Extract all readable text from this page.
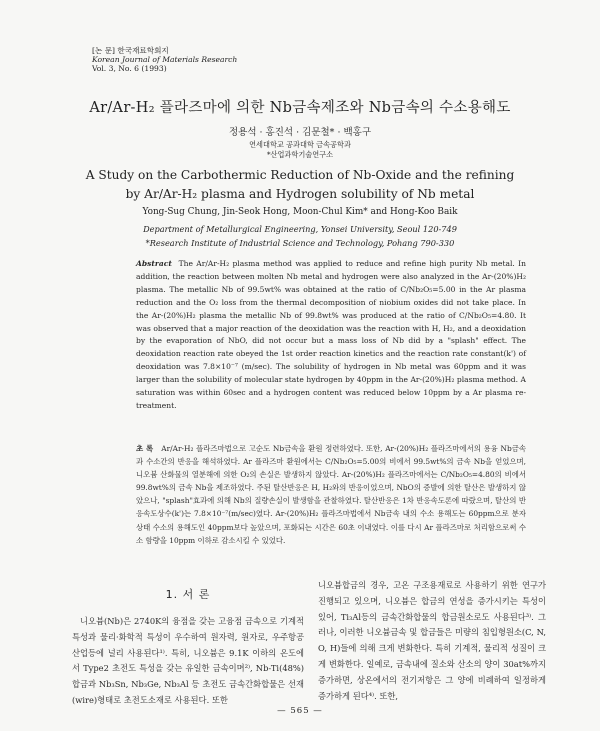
[논 문] 한국재료학회지
Korean Journal of Materials Research
Vol. 3, No. 6 (1993)
Ar/Ar-H₂ 플라즈마에 의한 Nb금속제조와 Nb금속의 수소용해도
정용석 · 홍진석 · 김문철* · 백홍구
연세대학교 공과대학 금속공학과
*산업과학기술연구소
A Study on the Carbothermic Reduction of Nb-Oxide and the refining
by Ar/Ar-H₂ plasma and Hydrogen solubility of Nb metal
Yong-Sug Chung, Jin-Seok Hong, Moon-Chul Kim* and Hong-Koo Baik
Department of Metallurgical Engineering, Yonsei University, Seoul 120-749
*Research Institute of Industrial Science and Technology, Pohang 790-330
Abstract The Ar/Ar-H₂ plasma method was applied to reduce and refine high purity Nb metal. In addition, the reaction between molten Nb metal and hydrogen were also analyzed in the Ar-(20%)H₂ plasma. The metallic Nb of 99.5wt% was obtained at the ratio of C/Nb₂O₅=5.00 in the Ar plasma reduction and the O₂ loss from the thermal decomposition of niobium oxides did not take place. In the Ar-(20%)H₂ plasma the metallic Nb of 99.8wt% was produced at the ratio of C/Nb₂O₅=4.80. It was observed that a major reaction of the deoxidation was the reaction with H, H₂, and a deoxidation by the evaporation of NbO, did not occur but a mass loss of Nb did by a "splash" effect. The deoxidation reaction rate obeyed the 1st order reaction kinetics and the reaction rate constant(k') of deoxidation was 7.8×10⁻⁷ (m/sec). The solubility of hydrogen in Nb metal was 60ppm and it was larger than the solubility of molecular state hydrogen by 40ppm in the Ar-(20%)H₂ plasma method. A saturation was within 60sec and a hydrogen content was reduced below 10ppm by a Ar plasma re-treatment.
초 록 Ar/Ar-H₂ 플라즈마법으로 고순도 Nb금속을 환원 정련하였다. 또한, Ar-(20%)H₂ 플라즈마에서의 용융 Nb금속과 수소간의 반응을 해석하였다. Ar 플라즈마 환원에서는 C/Nb₂O₅=5.00의 비에서 99.5wt%의 금속 Nb을 얻었으며, 니오븀 산화물의 열분해에 의한 O₂의 손실은 발생하지 않았다. Ar-(20%)H₂ 플라즈마에서는 C/Nb₂O₅=4.80의 비에서 99.8wt%의 금속 Nb을 제조하였다. 주된 탈산반응은 H, H₂와의 반응이었으며, NbO의 증발에 의한 탈산은 발생하지 않았으나, "splash"효과에 의해 Nb의 질량손실이 발생함을 관찰하였다. 탈산반응은 1차 반응속도론에 따랐으며, 탈산의 반응속도상수(k')는 7.8×10⁻⁷(m/sec)였다. Ar-(20%)H₂ 플라즈마법에서 Nb금속 내의 수소 용해도는 60ppm으로 분자상태 수소의 용해도인 40ppm보다 높았으며, 포화되는 시간은 60초 이내였다. 이를 다시 Ar 플라즈마로 처리함으로써 수소 함량을 10ppm 이하로 감소시킬 수 있었다.
1. 서 론
니오븀(Nb)은 2740K의 융점을 갖는 고융점 금속으로 기계적 특성과 물리·화학적 특성이 우수하여 원자력, 원자로, 우주항공산업등에 널리 사용된다¹⁾. 특히, 니오븀은 9.1K 이하의 온도에서 Type2 초전도 특성을 갖는 유일한 금속이며²⁾, Nb-Ti(48%) 합금과 Nb₃Sn, Nb₃Ge, Nb₃Al 등 초전도 금속간화합물은 선재(wire)형태로 초전도소재로 사용된다. 또한
니오븀합금의 경우, 고온 구조용재료로 사용하기 위한 연구가 진행되고 있으며, 니오븀은 합금의 연성을 증가시키는 특성이 있어, Ti₃Al등의 금속간화합물의 합금원소로도 사용된다³⁾. 그러나, 이러한 니오븀금속 및 합금들은 미량의 침입형원소(C, N, O, H)들에 의해 크게 변화한다. 특히 기계적, 물리적 성질이 크게 변화한다. 일예로, 금속내에 질소와 산소의 양이 30at%까지 증가하면, 상온에서의 전기저항은 그 양에 비례하여 일정하게 증가하게 된다⁴⁾. 또한,
— 565 —
